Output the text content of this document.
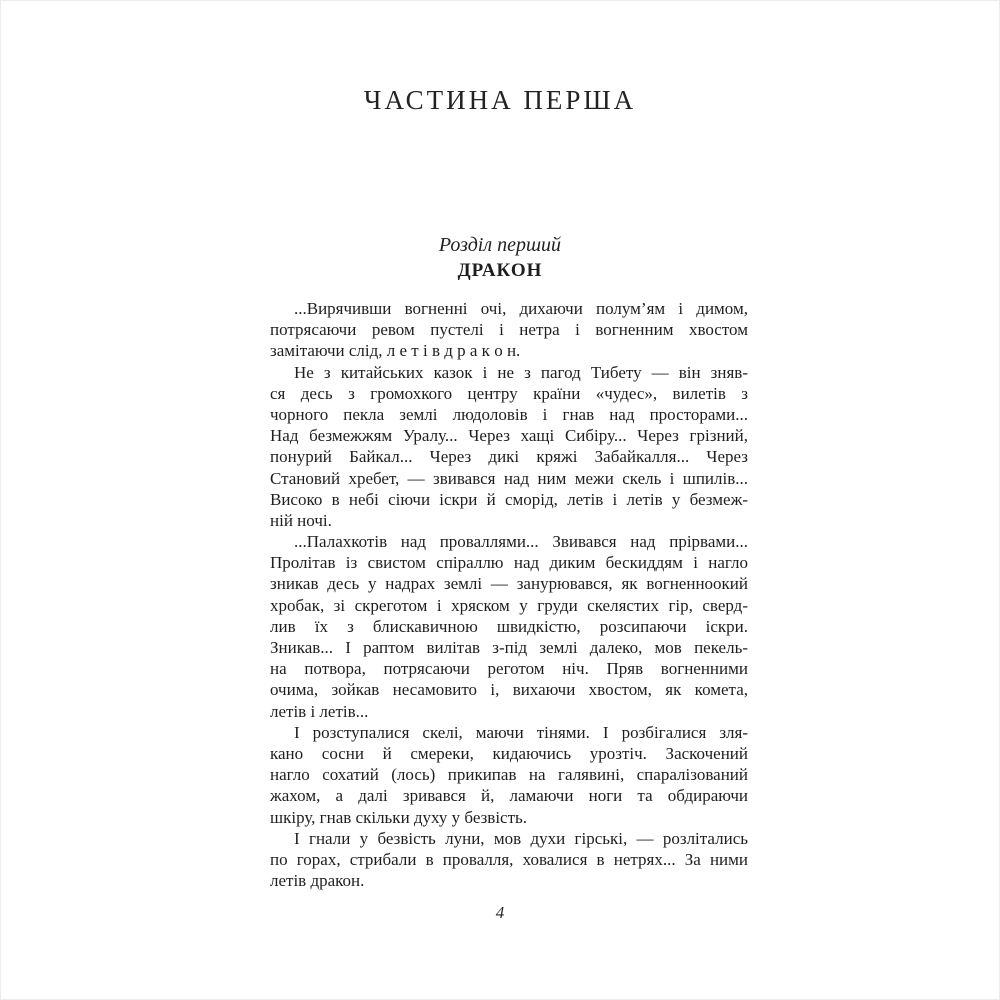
ЧАСТИНА ПЕРША
Розділ перший
ДРАКОН
...Вирячивши вогненні очі, дихаючи полум’ям і димом,
потрясаючи ревом пустелі і нетра і вогненним хвостом
замітаючи слід, л е т і в д р а к о н.
Не з китайських казок і не з пагод Тибету — він зняв-
ся десь з громохкого центру країни «чудес», вилетів з
чорного пекла землі людоловів і гнав над просторами...
Над безмежжям Уралу... Через хащі Сибіру... Через грізний,
понурий Байкал... Через дикі кряжі Забайкалля... Через
Становий хребет, — звивався над ним межи скель і шпилів...
Високо в небі сіючи іскри й сморід, летів і летів у безмеж-
ній ночі.
...Палахкотів над проваллями... Звивався над прірвами...
Пролітав із свистом спіраллю над диким бескиддям і нагло
зникав десь у надрах землі — занурювався, як вогненноокий
хробак, зі скреготом і хряском у груди скелястих гір, сверд-
лив їх з блискавичною швидкістю, розсипаючи іскри.
Зникав... І раптом вилітав з-під землі далеко, мов пекель-
на потвора, потрясаючи реготом ніч. Пряв вогненними
очима, зойкав несамовито і, вихаючи хвостом, як комета,
летів і летів...
І розступалися скелі, маючи тінями. І розбігалися зля-
кано сосни й смереки, кидаючись урозтіч. Заскочений
нагло сохатий (лось) прикипав на галявині, спаралізований
жахом, а далі зривався й, ламаючи ноги та обдираючи
шкіру, гнав скільки духу у безвість.
І гнали у безвість луни, мов духи гірські, — розлітались
по горах, стрибали в провалля, ховалися в нетрях... За ними
летів дракон.
4
